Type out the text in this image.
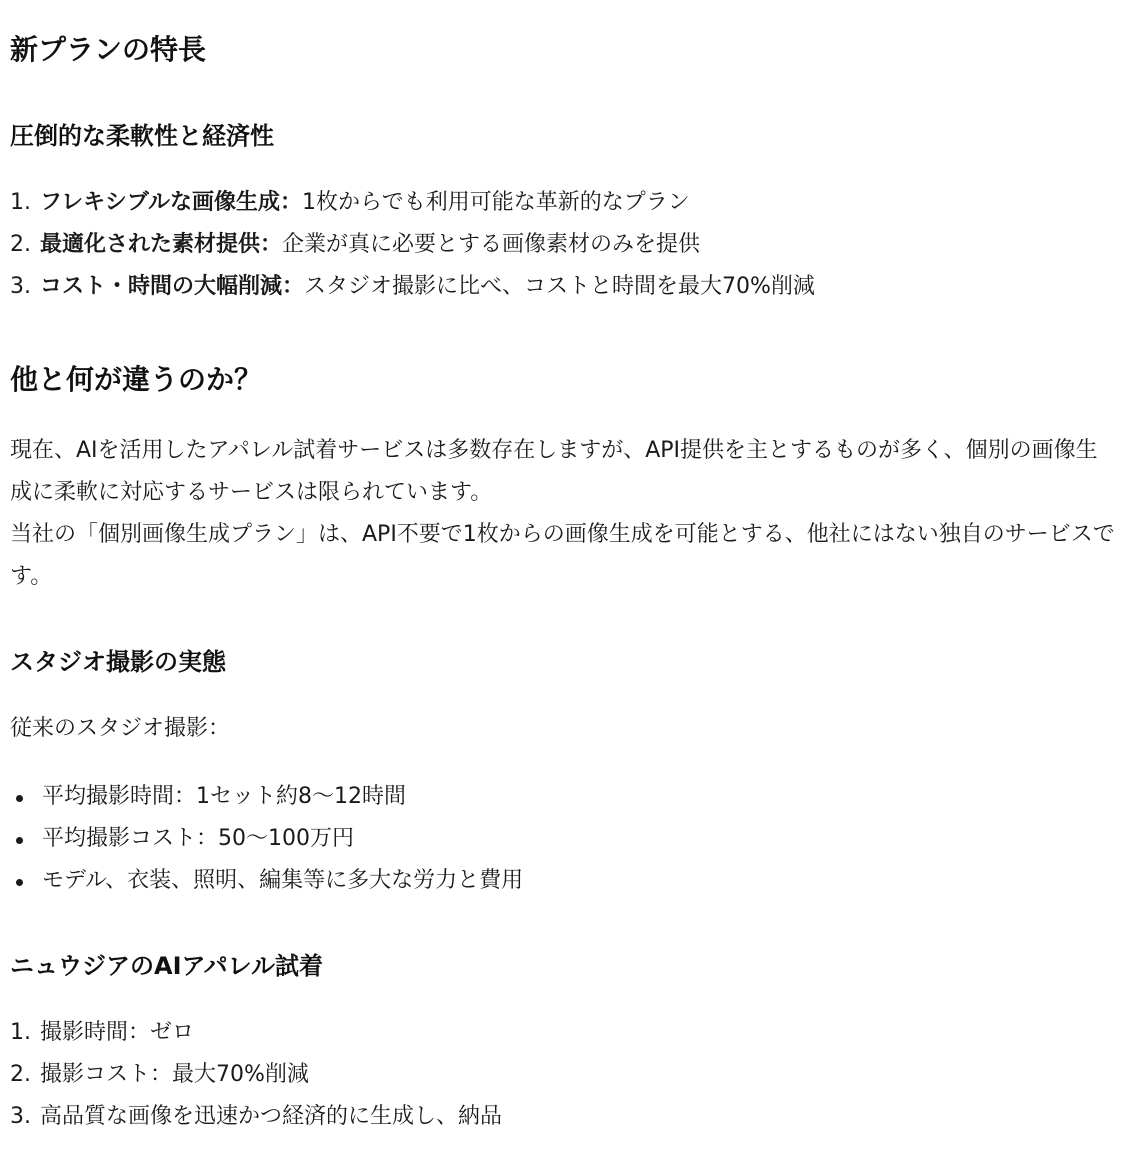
新プランの特長
圧倒的な柔軟性と経済性
1. フレキシブルな画像生成：1枚からでも利用可能な革新的なプラン
2. 最適化された素材提供：企業が真に必要とする画像素材のみを提供
3. コスト・時間の大幅削減：スタジオ撮影に比べ、コストと時間を最大70%削減
他と何が違うのか？

現在、AIを活用したアパレル試着サービスは多数存在しますが、API提供を主とするものが多く、個別の画像生成に柔軟に対応するサービスは限られています。

当社の「個別画像生成プラン」は、API不要で1枚からの画像生成を可能とする、他社にはない独自のサービスです。

スタジオ撮影の実態

従来のスタジオ撮影：

平均撮影時間：1セット約8〜12時間
平均撮影コスト：50〜100万円
モデル、衣装、照明、編集等に多大な労力と費用
ニュウジアのAIアパレル試着
1. 撮影時間：ゼロ
2. 撮影コスト：最大70%削減
3. 高品質な画像を迅速かつ経済的に生成し、納品
